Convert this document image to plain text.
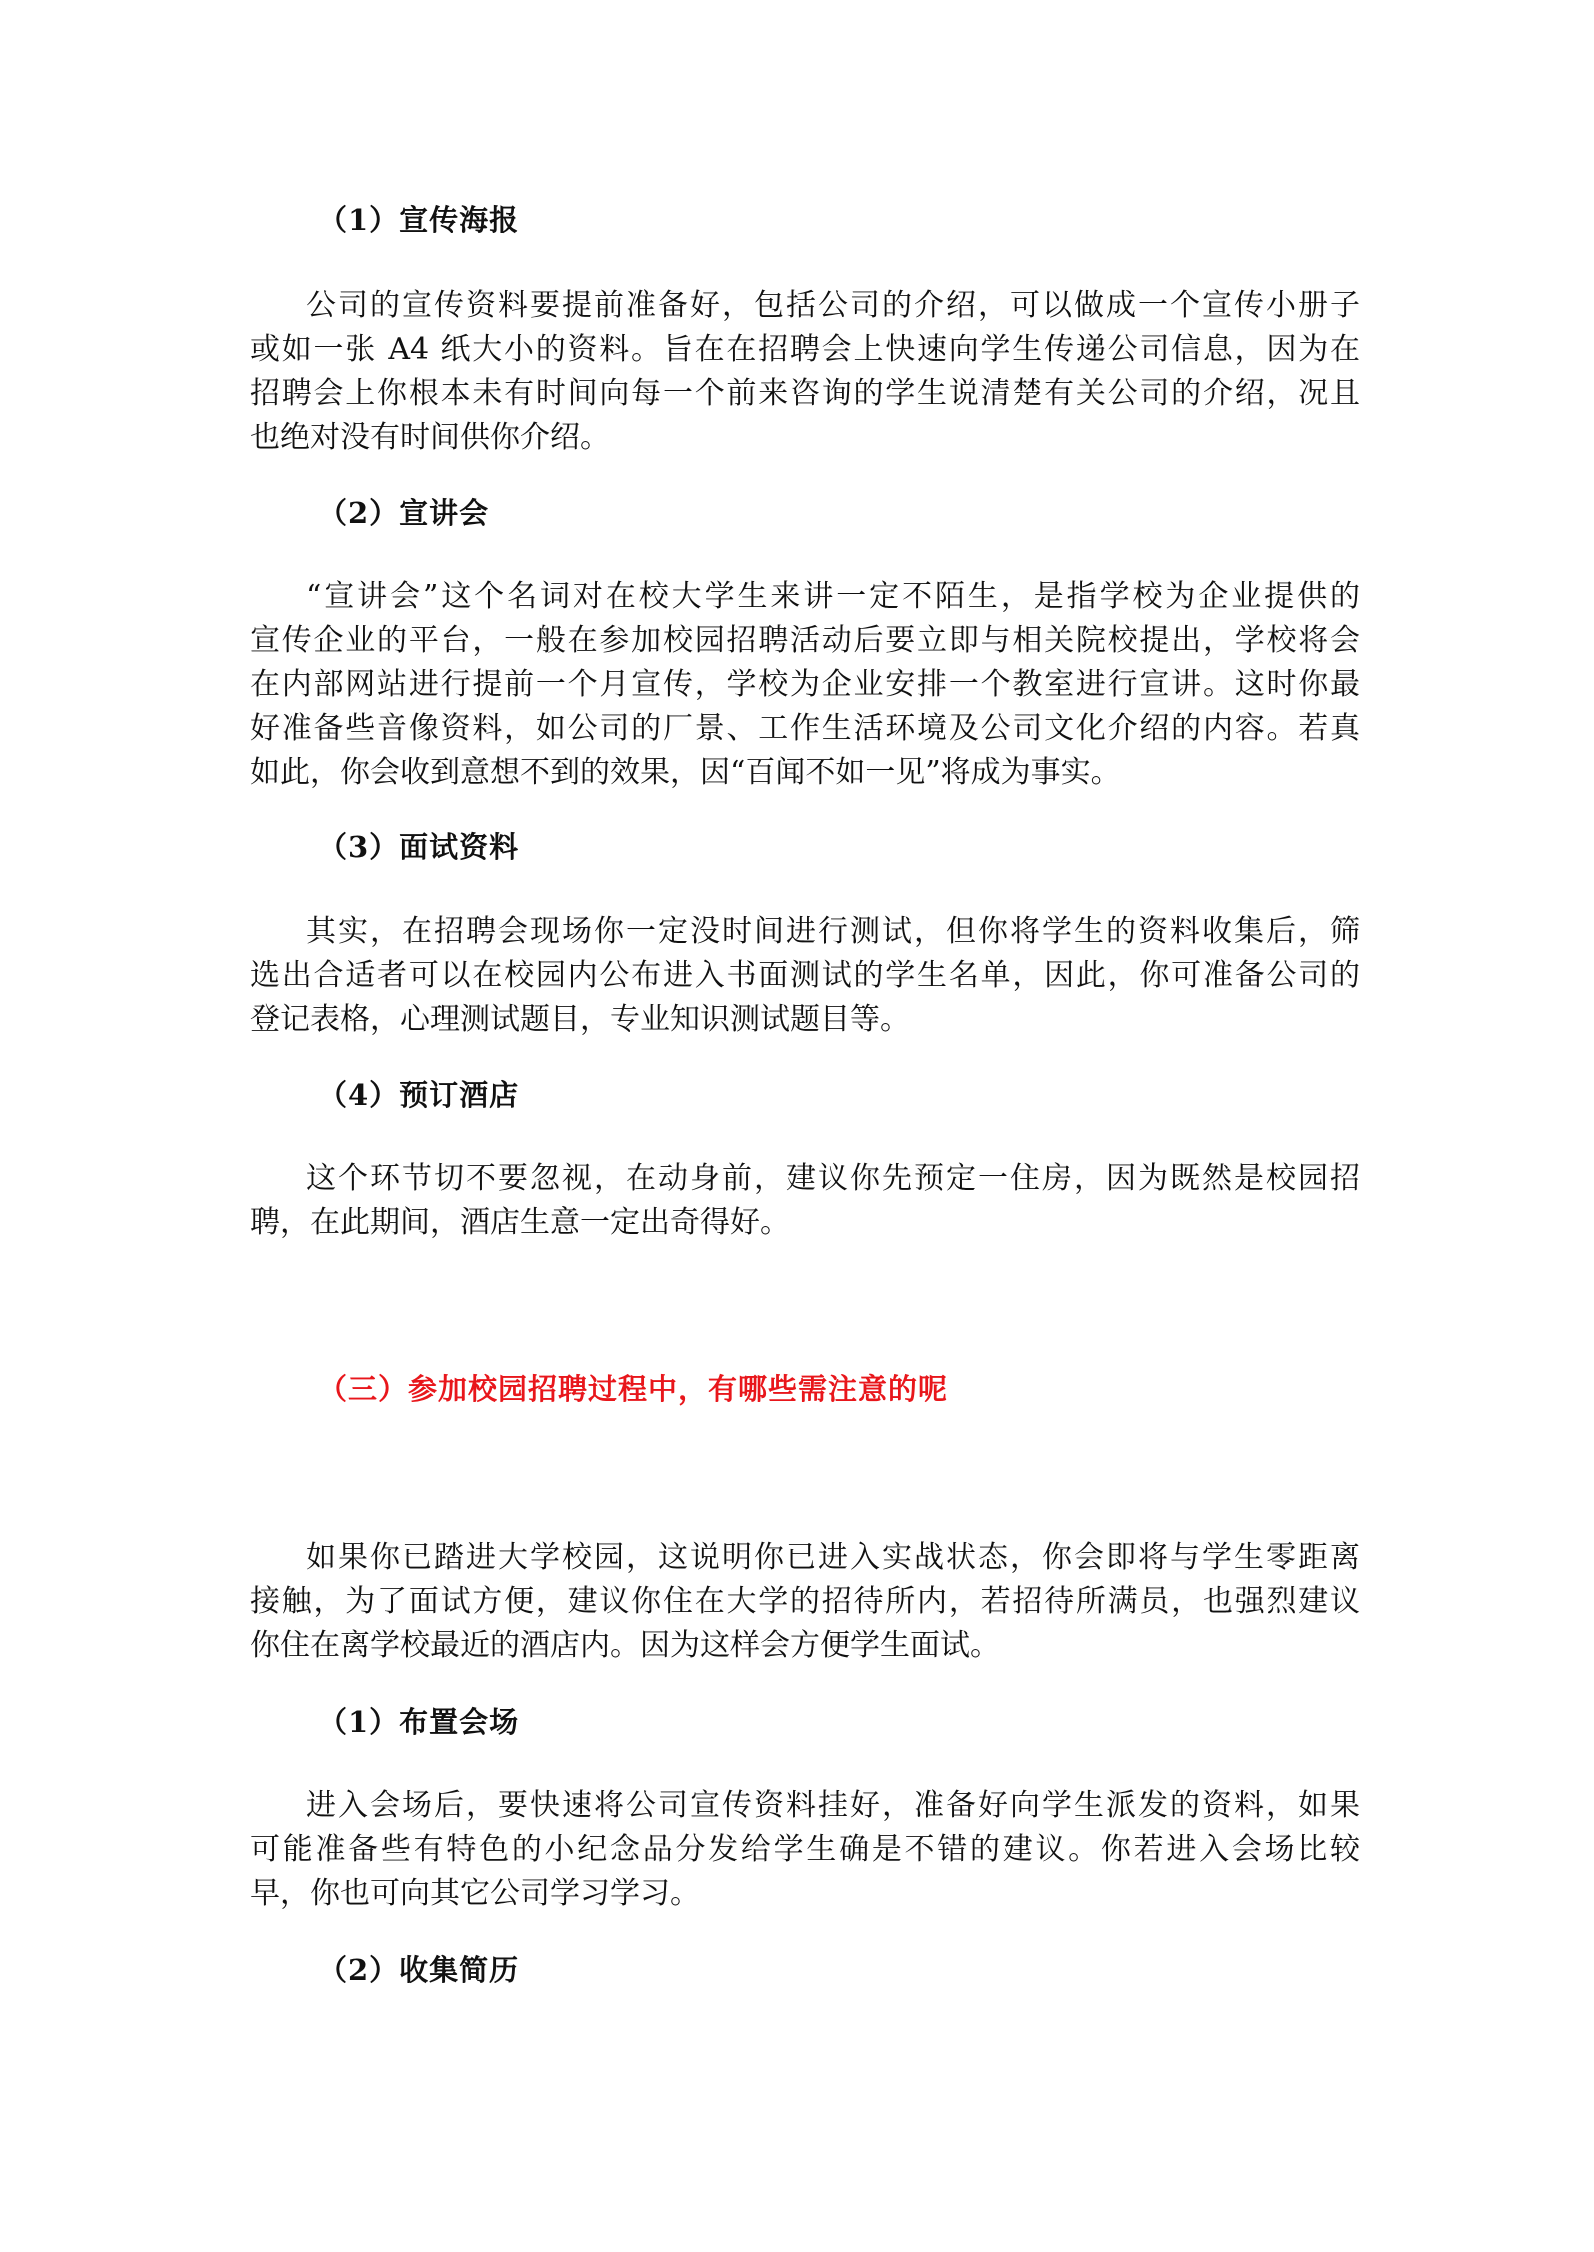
（1）宣传海报
公司的宣传资料要提前准备好，包括公司的介绍，可以做成一个宣传小册子
或如一张 A4 纸大小的资料。旨在在招聘会上快速向学生传递公司信息，因为在
招聘会上你根本未有时间向每一个前来咨询的学生说清楚有关公司的介绍，况且
也绝对没有时间供你介绍。
（2）宣讲会
“宣讲会”这个名词对在校大学生来讲一定不陌生，是指学校为企业提供的
宣传企业的平台，一般在参加校园招聘活动后要立即与相关院校提出，学校将会
在内部网站进行提前一个月宣传，学校为企业安排一个教室进行宣讲。这时你最
好准备些音像资料，如公司的厂景、工作生活环境及公司文化介绍的内容。若真
如此，你会收到意想不到的效果，因“百闻不如一见”将成为事实。
（3）面试资料
其实，在招聘会现场你一定没时间进行测试，但你将学生的资料收集后，筛
选出合适者可以在校园内公布进入书面测试的学生名单，因此，你可准备公司的
登记表格，心理测试题目，专业知识测试题目等。
（4）预订酒店
这个环节切不要忽视，在动身前，建议你先预定一住房，因为既然是校园招
聘，在此期间，酒店生意一定出奇得好。
（三）参加校园招聘过程中，有哪些需注意的呢
如果你已踏进大学校园，这说明你已进入实战状态，你会即将与学生零距离
接触，为了面试方便，建议你住在大学的招待所内，若招待所满员，也强烈建议
你住在离学校最近的酒店内。因为这样会方便学生面试。
（1）布置会场
进入会场后，要快速将公司宣传资料挂好，准备好向学生派发的资料，如果
可能准备些有特色的小纪念品分发给学生确是不错的建议。你若进入会场比较
早，你也可向其它公司学习学习。
（2）收集简历
